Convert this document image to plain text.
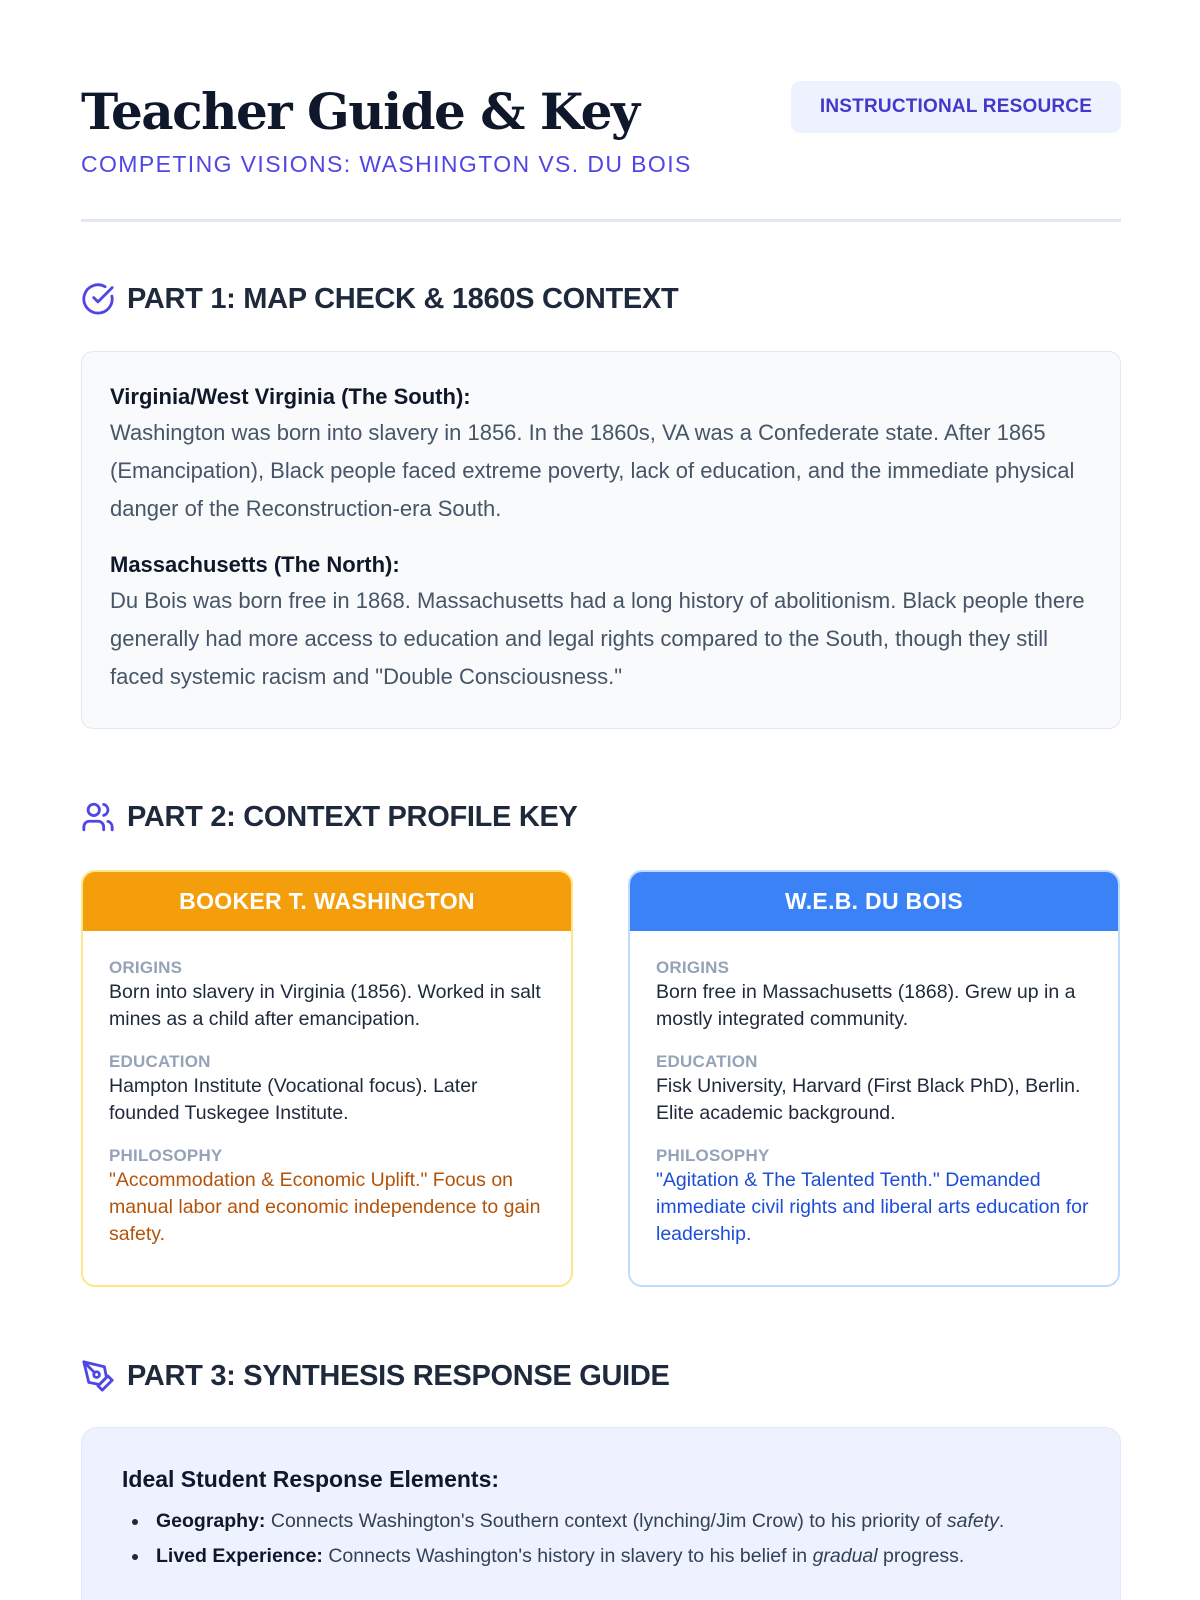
Teacher Guide & Key
COMPETING VISIONS: WASHINGTON VS. DU BOIS
INSTRUCTIONAL RESOURCE
PART 1: MAP CHECK & 1860S CONTEXT
Virginia/West Virginia (The South):
Washington was born into slavery in 1856. In the 1860s, VA was a Confederate state. After 1865 (Emancipation), Black people faced extreme poverty, lack of education, and the immediate physical danger of the Reconstruction-era South.
Massachusetts (The North):
Du Bois was born free in 1868. Massachusetts had a long history of abolitionism. Black people there generally had more access to education and legal rights compared to the South, though they still faced systemic racism and "Double Consciousness."
PART 2: CONTEXT PROFILE KEY
BOOKER T. WASHINGTON
ORIGINS
Born into slavery in Virginia (1856). Worked in salt mines as a child after emancipation.
EDUCATION
Hampton Institute (Vocational focus). Later founded Tuskegee Institute.
PHILOSOPHY
"Accommodation & Economic Uplift." Focus on manual labor and economic independence to gain safety.
W.E.B. DU BOIS
ORIGINS
Born free in Massachusetts (1868). Grew up in a mostly integrated community.
EDUCATION
Fisk University, Harvard (First Black PhD), Berlin. Elite academic background.
PHILOSOPHY
"Agitation & The Talented Tenth." Demanded immediate civil rights and liberal arts education for leadership.
PART 3: SYNTHESIS RESPONSE GUIDE
Ideal Student Response Elements:
Geography: Connects Washington's Southern context (lynching/Jim Crow) to his priority of safety.
Lived Experience: Connects Washington's history in slavery to his belief in gradual progress.
